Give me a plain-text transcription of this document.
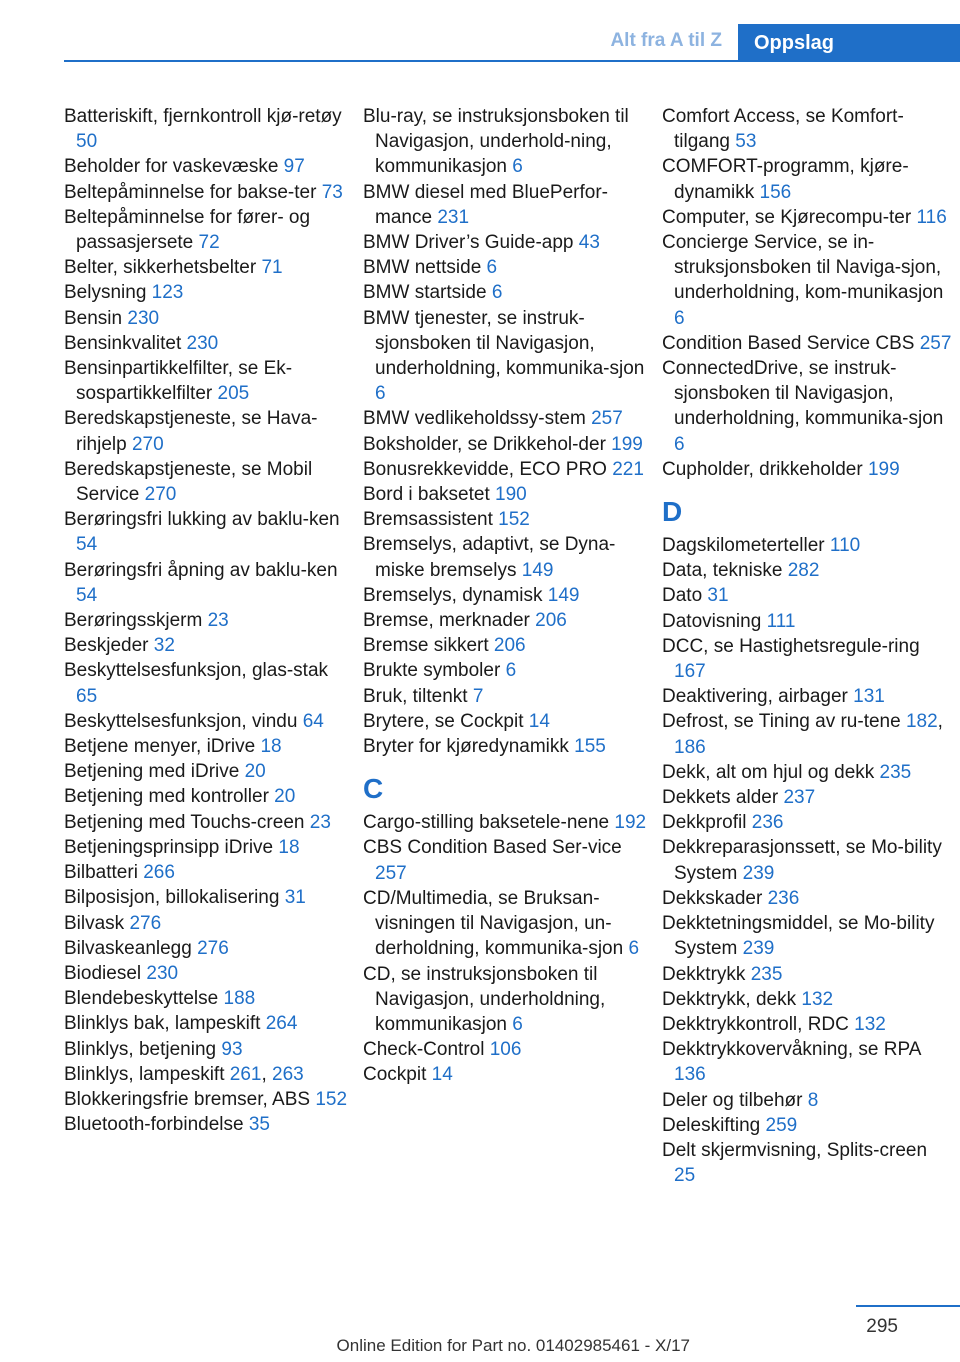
Alt fra A til Z	Oppslag

Batteriskift, fjernkontroll kjø-retøy 50

Beholder for vaskevæske 97

Beltepåminnelse for bakse-ter 73

Beltepåminnelse for fører- og passasjersete 72

Belter, sikkerhetsbelter 71

Belysning 123

Bensin 230

Bensinkvalitet 230

Bensinpartikkelfilter, se Ek-sospartikkelfilter 205

Beredskapstjeneste, se Hava-rihjelp 270

Beredskapstjeneste, se Mobil Service 270

Berøringsfri lukking av baklu-ken 54

Berøringsfri åpning av baklu-ken 54

Berøringsskjerm 23

Beskjeder 32

Beskyttelsesfunksjon, glas-stak 65

Beskyttelsesfunksjon, vindu 64

Betjene menyer, iDrive 18

Betjening med iDrive 20

Betjening med kontroller 20

Betjening med Touchs-creen 23

Betjeningsprinsipp iDrive 18

Bilbatteri 266

Bilposisjon, billokalisering 31

Bilvask 276

Bilvaskeanlegg 276

Biodiesel 230

Blendebeskyttelse 188

Blinklys bak, lampeskift 264

Blinklys, betjening 93

Blinklys, lampeskift 261, 263

Blokkeringsfrie bremser, ABS 152

Bluetooth-forbindelse 35

Blu-ray, se instruksjonsboken til Navigasjon, underhold-ning, kommunikasjon 6

BMW diesel med BluePerfor-mance 231

BMW Driver’s Guide-app 43

BMW nettside 6

BMW startside 6

BMW tjenester, se instruk-sjonsboken til Navigasjon, underholdning, kommunika-sjon 6

BMW vedlikeholdssy-stem 257

Boksholder, se Drikkehol-der 199

Bonusrekkevidde, ECO PRO 221

Bord i baksetet 190

Bremsassistent 152

Bremselys, adaptivt, se Dyna-miske bremselys 149

Bremselys, dynamisk 149

Bremse, merknader 206

Bremse sikkert 206

Brukte symboler 6

Bruk, tiltenkt 7

Brytere, se Cockpit 14

Bryter for kjøredynamikk 155

C

Cargo-stilling baksetele-nene 192

CBS Condition Based Ser-vice 257

CD/Multimedia, se Bruksan-visningen til Navigasjon, un-derholdning, kommunika-sjon 6

CD, se instruksjonsboken til Navigasjon, underholdning, kommunikasjon 6

Check-Control 106

Cockpit 14

Comfort Access, se Komfort-tilgang 53

COMFORT-programm, kjøre-dynamikk 156

Computer, se Kjørecompu-ter 116

Concierge Service, se in-struksjonsboken til Naviga-sjon, underholdning, kom-munikasjon 6

Condition Based Service CBS 257

ConnectedDrive, se instruk-sjonsboken til Navigasjon, underholdning, kommunika-sjon 6

Cupholder, drikkeholder 199

D

Dagskilometerteller 110

Data, tekniske 282

Dato 31

Datovisning 111

DCC, se Hastighetsregule-ring 167

Deaktivering, airbager 131

Defrost, se Tining av ru-tene 182, 186

Dekk, alt om hjul og dekk 235

Dekkets alder 237

Dekkprofil 236

Dekkreparasjonssett, se Mo-bility System 239

Dekkskader 236

Dekktetningsmiddel, se Mo-bility System 239

Dekktrykk 235

Dekktrykk, dekk 132

Dekktrykkontroll, RDC 132

Dekktrykkovervåkning, se RPA 136

Deler og tilbehør 8

Deleskifting 259

Delt skjermvisning, Splits-creen 25

295
Online Edition for Part no. 01402985461 - X/17
